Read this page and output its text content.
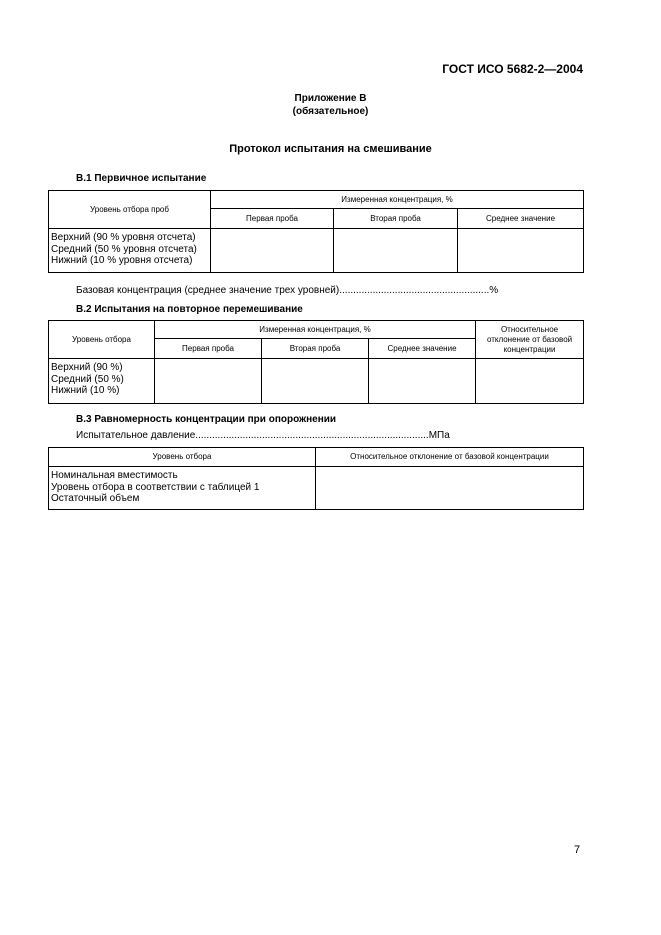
ГОСТ ИСО 5682-2—2004
Приложение В
(обязательное)
Протокол испытания на смешивание
В.1 Первичное испытание
Уровень отбора проб	Измеренная концентрация, %		
	Первая проба	Вторая проба	Среднее значение

Верхний (90 % уровня отсчета)
Средний (50 % уровня отсчета)
Нижний (10 % уровня отсчета)			

Базовая концентрация (среднее значение трех уровней)......................................................%
В.2 Испытания на повторное перемешивание
Уровень отбора	Измеренная концентрация, %			Относительное
отклонение от базовой
концентрации

	Первая проба	Вторая проба	Среднее значение	

Верхний (90 %)
Средний (50 %)
Нижний (10 %)				

В.3 Равномерность концентрации при опорожнении
Испытательное давление....................................................................................МПа
Уровень отбора	Относительное отклонение от базовой концентрации

Номинальная вместимость
Уровень отбора в соответствии с таблицей 1
Остаточный объем	

7
